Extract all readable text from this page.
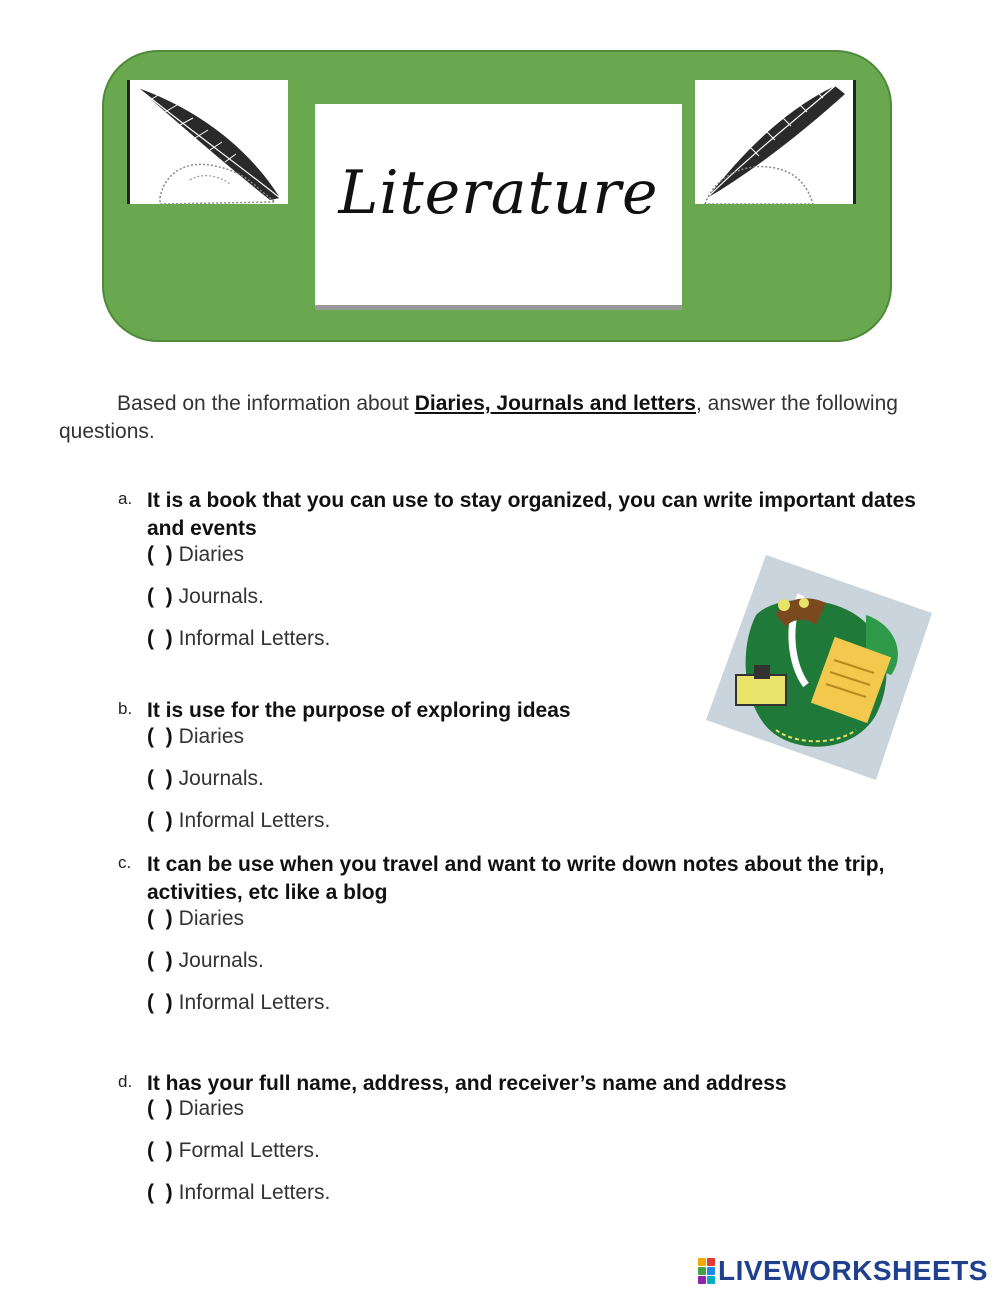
Literature
Based on the information about Diaries, Journals and letters, answer the following questions.
a. It is a book that you can use to stay organized, you can write important dates and events
(  ) Diaries
(  ) Journals.
(  ) Informal Letters.
b. It is use for the purpose of exploring ideas
(  ) Diaries
(  ) Journals.
(  ) Informal Letters.
c. It can be use when you travel and want to write down notes about the trip, activities, etc like a blog
(  ) Diaries
(  ) Journals.
(  ) Informal Letters.
d. It has your full name, address, and receiver’s name and address
(  ) Diaries
(  ) Formal Letters.
(  ) Informal Letters.
LIVEWORKSHEETS
